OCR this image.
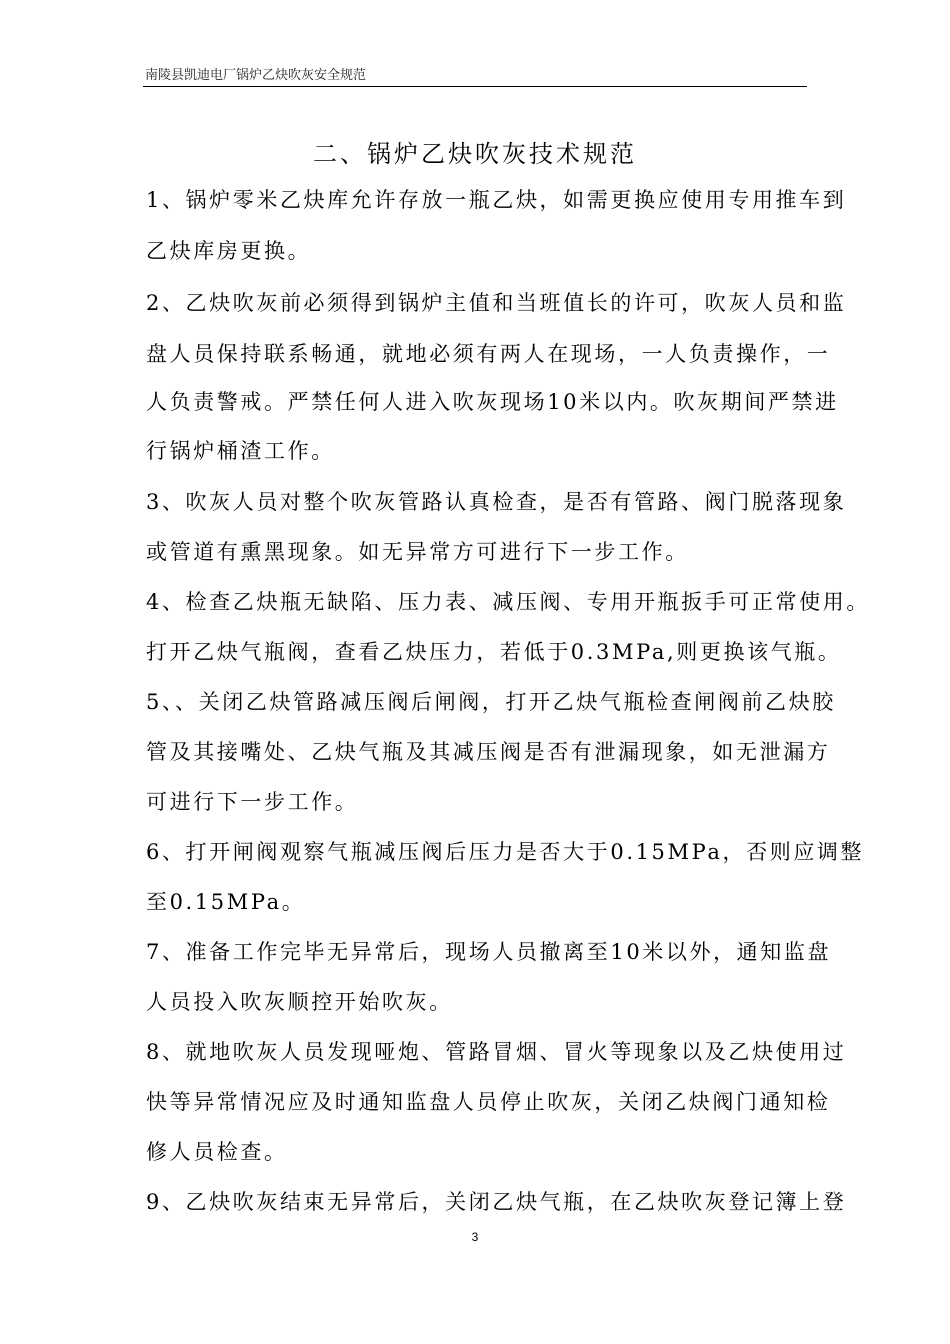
南陵县凯迪电厂锅炉乙炔吹灰安全规范
二、锅炉乙炔吹灰技术规范
1、锅炉零米乙炔库允许存放一瓶乙炔，如需更换应使用专用推车到
乙炔库房更换。
2、乙炔吹灰前必须得到锅炉主值和当班值长的许可，吹灰人员和监
盘人员保持联系畅通，就地必须有两人在现场，一人负责操作，一
人负责警戒。严禁任何人进入吹灰现场10米以内。吹灰期间严禁进
行锅炉桶渣工作。
3、吹灰人员对整个吹灰管路认真检查，是否有管路、阀门脱落现象
或管道有熏黑现象。如无异常方可进行下一步工作。
4、检查乙炔瓶无缺陷、压力表、减压阀、专用开瓶扳手可正常使用。
打开乙炔气瓶阀，查看乙炔压力，若低于0.3MPa,则更换该气瓶。
5、、关闭乙炔管路减压阀后闸阀，打开乙炔气瓶检查闸阀前乙炔胶
管及其接嘴处、乙炔气瓶及其减压阀是否有泄漏现象，如无泄漏方
可进行下一步工作。
6、打开闸阀观察气瓶减压阀后压力是否大于0.15MPa，否则应调整
至0.15MPa。
7、准备工作完毕无异常后，现场人员撤离至10米以外，通知监盘
人员投入吹灰顺控开始吹灰。
8、就地吹灰人员发现哑炮、管路冒烟、冒火等现象以及乙炔使用过
快等异常情况应及时通知监盘人员停止吹灰，关闭乙炔阀门通知检
修人员检查。
9、乙炔吹灰结束无异常后，关闭乙炔气瓶，在乙炔吹灰登记簿上登
3
